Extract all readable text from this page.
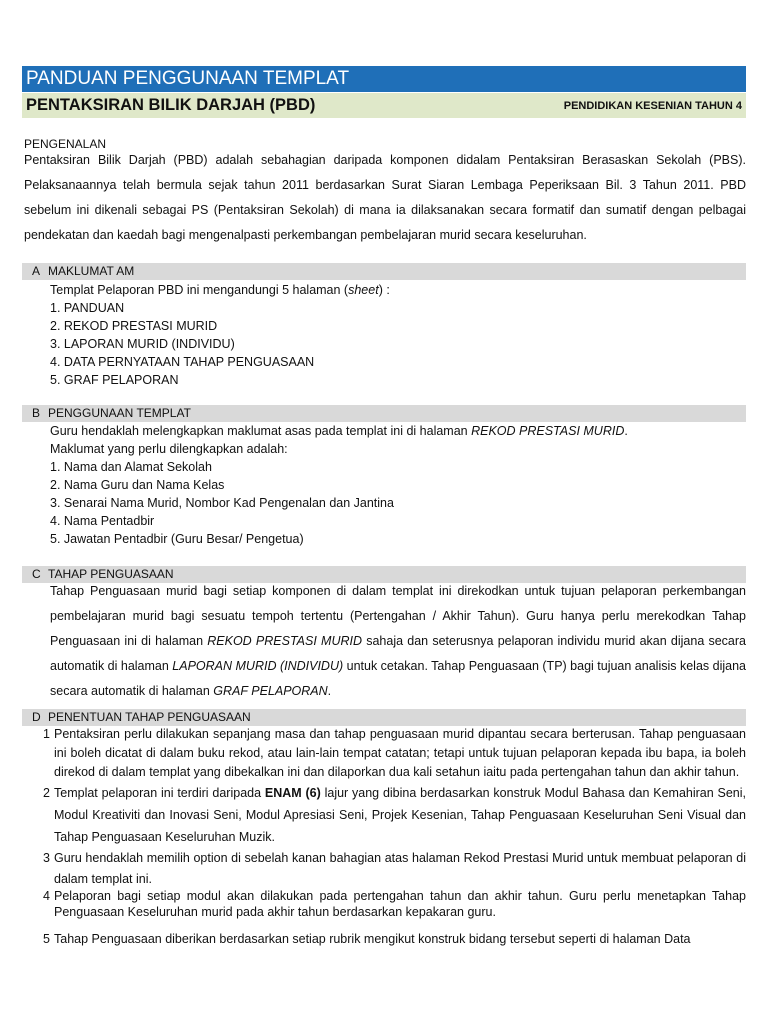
PANDUAN PENGGUNAAN TEMPLAT
PENTAKSIRAN BILIK DARJAH (PBD)	PENDIDIKAN KESENIAN TAHUN 4
PENGENALAN
Pentaksiran Bilik Darjah (PBD) adalah sebahagian daripada komponen didalam Pentaksiran Berasaskan Sekolah (PBS). Pelaksanaannya telah bermula sejak tahun 2011 berdasarkan Surat Siaran Lembaga Peperiksaan Bil. 3 Tahun 2011. PBD sebelum ini dikenali sebagai PS (Pentaksiran Sekolah) di mana ia dilaksanakan secara formatif dan sumatif dengan pelbagai pendekatan dan kaedah bagi mengenalpasti perkembangan pembelajaran murid secara keseluruhan.
A MAKLUMAT AM
Templat Pelaporan PBD ini mengandungi 5 halaman (sheet) :
1. PANDUAN
2. REKOD PRESTASI MURID
3. LAPORAN MURID (INDIVIDU)
4. DATA PERNYATAAN TAHAP PENGUASAAN
5. GRAF PELAPORAN
B PENGGUNAAN TEMPLAT
Guru hendaklah melengkapkan maklumat asas pada templat ini di halaman REKOD PRESTASI MURID.
Maklumat yang perlu dilengkapkan adalah:
1. Nama dan Alamat Sekolah
2. Nama Guru dan Nama Kelas
3. Senarai Nama Murid, Nombor Kad Pengenalan dan Jantina
4. Nama Pentadbir
5. Jawatan Pentadbir (Guru Besar/ Pengetua)
C TAHAP PENGUASAAN
Tahap Penguasaan murid bagi setiap komponen di dalam templat ini direkodkan untuk tujuan pelaporan perkembangan pembelajaran murid bagi sesuatu tempoh tertentu (Pertengahan / Akhir Tahun). Guru hanya perlu merekodkan Tahap Penguasaan ini di halaman REKOD PRESTASI MURID sahaja dan seterusnya pelaporan individu murid akan dijana secara automatik di halaman LAPORAN MURID (INDIVIDU) untuk cetakan. Tahap Penguasaan (TP) bagi tujuan analisis kelas dijana secara automatik di halaman GRAF PELAPORAN.
D PENENTUAN TAHAP PENGUASAAN
1 Pentaksiran perlu dilakukan sepanjang masa dan tahap penguasaan murid dipantau secara berterusan. Tahap penguasaan ini boleh dicatat di dalam buku rekod, atau lain-lain tempat catatan; tetapi untuk tujuan pelaporan kepada ibu bapa, ia boleh direkod di dalam templat yang dibekalkan ini dan dilaporkan dua kali setahun iaitu pada pertengahan tahun dan akhir tahun.
2 Templat pelaporan ini terdiri daripada ENAM (6) lajur yang dibina berdasarkan konstruk Modul Bahasa dan Kemahiran Seni, Modul Kreativiti dan Inovasi Seni, Modul Apresiasi Seni, Projek Kesenian, Tahap Penguasaan Keseluruhan Seni Visual dan Tahap Penguasaan Keseluruhan Muzik.
3 Guru hendaklah memilih option di sebelah kanan bahagian atas halaman Rekod Prestasi Murid untuk membuat pelaporan di dalam templat ini.
4 Pelaporan bagi setiap modul akan dilakukan pada pertengahan tahun dan akhir tahun. Guru perlu menetapkan Tahap Penguasaan Keseluruhan murid pada akhir tahun berdasarkan kepakaran guru.
5 Tahap Penguasaan diberikan berdasarkan setiap rubrik mengikut konstruk bidang tersebut seperti di halaman Data
